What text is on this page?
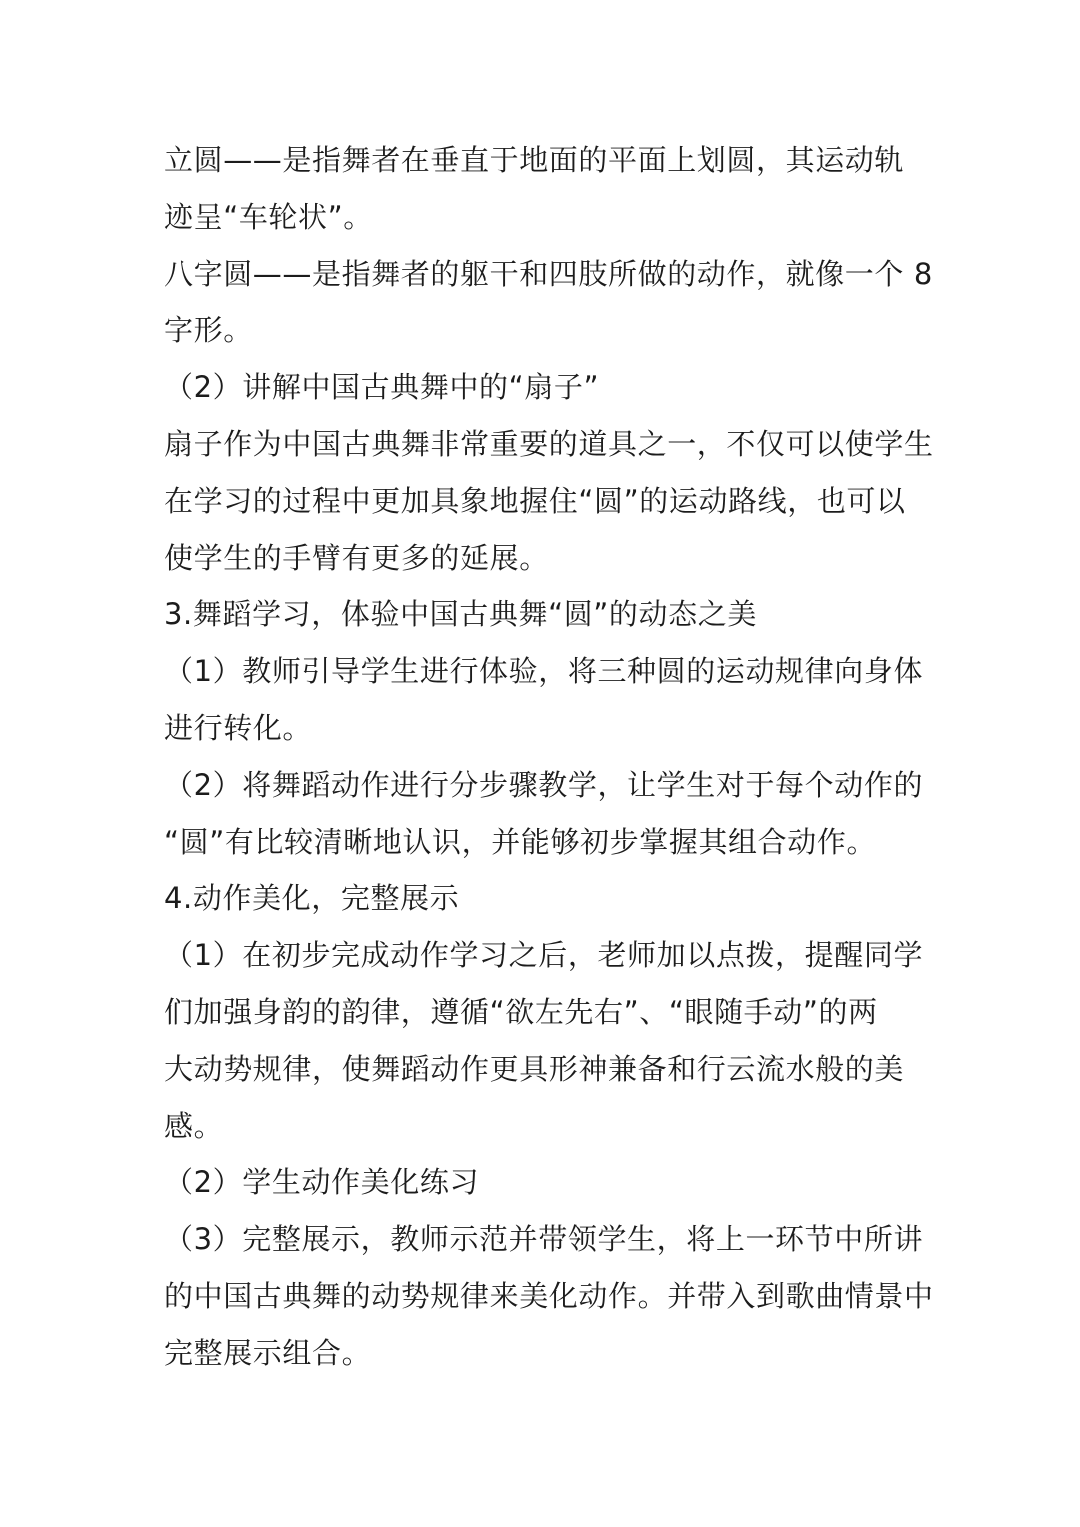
立圆——是指舞者在垂直于地面的平面上划圆，其运动轨
迹呈“车轮状”。
八字圆——是指舞者的躯干和四肢所做的动作，就像一个 8
字形。
（2）讲解中国古典舞中的“扇子”
扇子作为中国古典舞非常重要的道具之一，不仅可以使学生
在学习的过程中更加具象地握住“圆”的运动路线，也可以
使学生的手臂有更多的延展。
3.舞蹈学习，体验中国古典舞“圆”的动态之美
（1）教师引导学生进行体验，将三种圆的运动规律向身体
进行转化。
（2）将舞蹈动作进行分步骤教学，让学生对于每个动作的
“圆”有比较清晰地认识，并能够初步掌握其组合动作。
4.动作美化，完整展示
（1）在初步完成动作学习之后，老师加以点拨，提醒同学
们加强身韵的韵律，遵循“欲左先右”、“眼随手动”的两
大动势规律，使舞蹈动作更具形神兼备和行云流水般的美
感。
（2）学生动作美化练习
（3）完整展示，教师示范并带领学生，将上一环节中所讲
的中国古典舞的动势规律来美化动作。并带入到歌曲情景中
完整展示组合。
